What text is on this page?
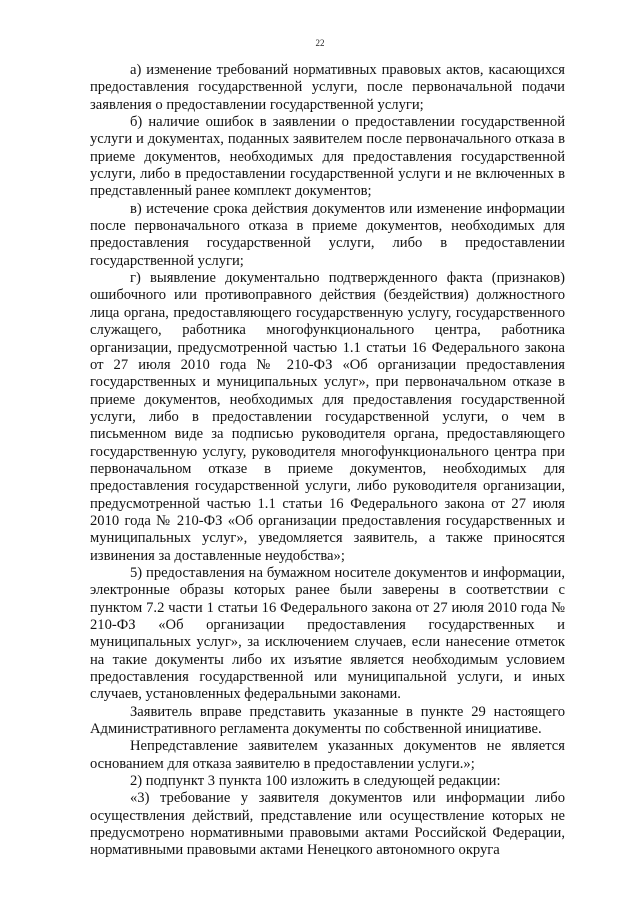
22

а) изменение требований нормативных правовых актов, касающихся предоставления государственной услуги, после первоначальной подачи заявления о предоставлении государственной услуги;

б) наличие ошибок в заявлении о предоставлении государственной услуги и документах, поданных заявителем после первоначального отказа в приеме документов, необходимых для предоставления государственной услуги, либо в предоставлении государственной услуги и не включенных в представленный ранее комплект документов;

в) истечение срока действия документов или изменение информации после первоначального отказа в приеме документов, необходимых для предоставления государственной услуги, либо в предоставлении государственной услуги;

г) выявление документально подтвержденного факта (признаков) ошибочного или противоправного действия (бездействия) должностного лица органа, предоставляющего государственную услугу, государственного служащего, работника многофункционального центра, работника организации, предусмотренной частью 1.1 статьи 16 Федерального закона от 27 июля 2010 года № 210-ФЗ «Об организации предоставления государственных и муниципальных услуг», при первоначальном отказе в приеме документов, необходимых для предоставления государственной услуги, либо в предоставлении государственной услуги, о чем в письменном виде за подписью руководителя органа, предоставляющего государственную услугу, руководителя многофункционального центра при первоначальном отказе в приеме документов, необходимых для предоставления государственной услуги, либо руководителя организации, предусмотренной частью 1.1 статьи 16 Федерального закона от 27 июля 2010 года № 210-ФЗ «Об организации предоставления государственных и муниципальных услуг», уведомляется заявитель, а также приносятся извинения за доставленные неудобства»;

5) предоставления на бумажном носителе документов и информации, электронные образы которых ранее были заверены в соответствии с пунктом 7.2 части 1 статьи 16 Федерального закона от 27 июля 2010 года № 210-ФЗ «Об организации предоставления государственных и муниципальных услуг», за исключением случаев, если нанесение отметок на такие документы либо их изъятие является необходимым условием предоставления государственной или муниципальной услуги, и иных случаев, установленных федеральными законами.

Заявитель вправе представить указанные в пункте 29 настоящего Административного регламента документы по собственной инициативе.

Непредставление заявителем указанных документов не является основанием для отказа заявителю в предоставлении услуги.»;

2) подпункт 3 пункта 100 изложить в следующей редакции:

«3) требование у заявителя документов или информации либо осуществления действий, представление или осуществление которых не предусмотрено нормативными правовыми актами Российской Федерации, нормативными правовыми актами Ненецкого автономного округа
